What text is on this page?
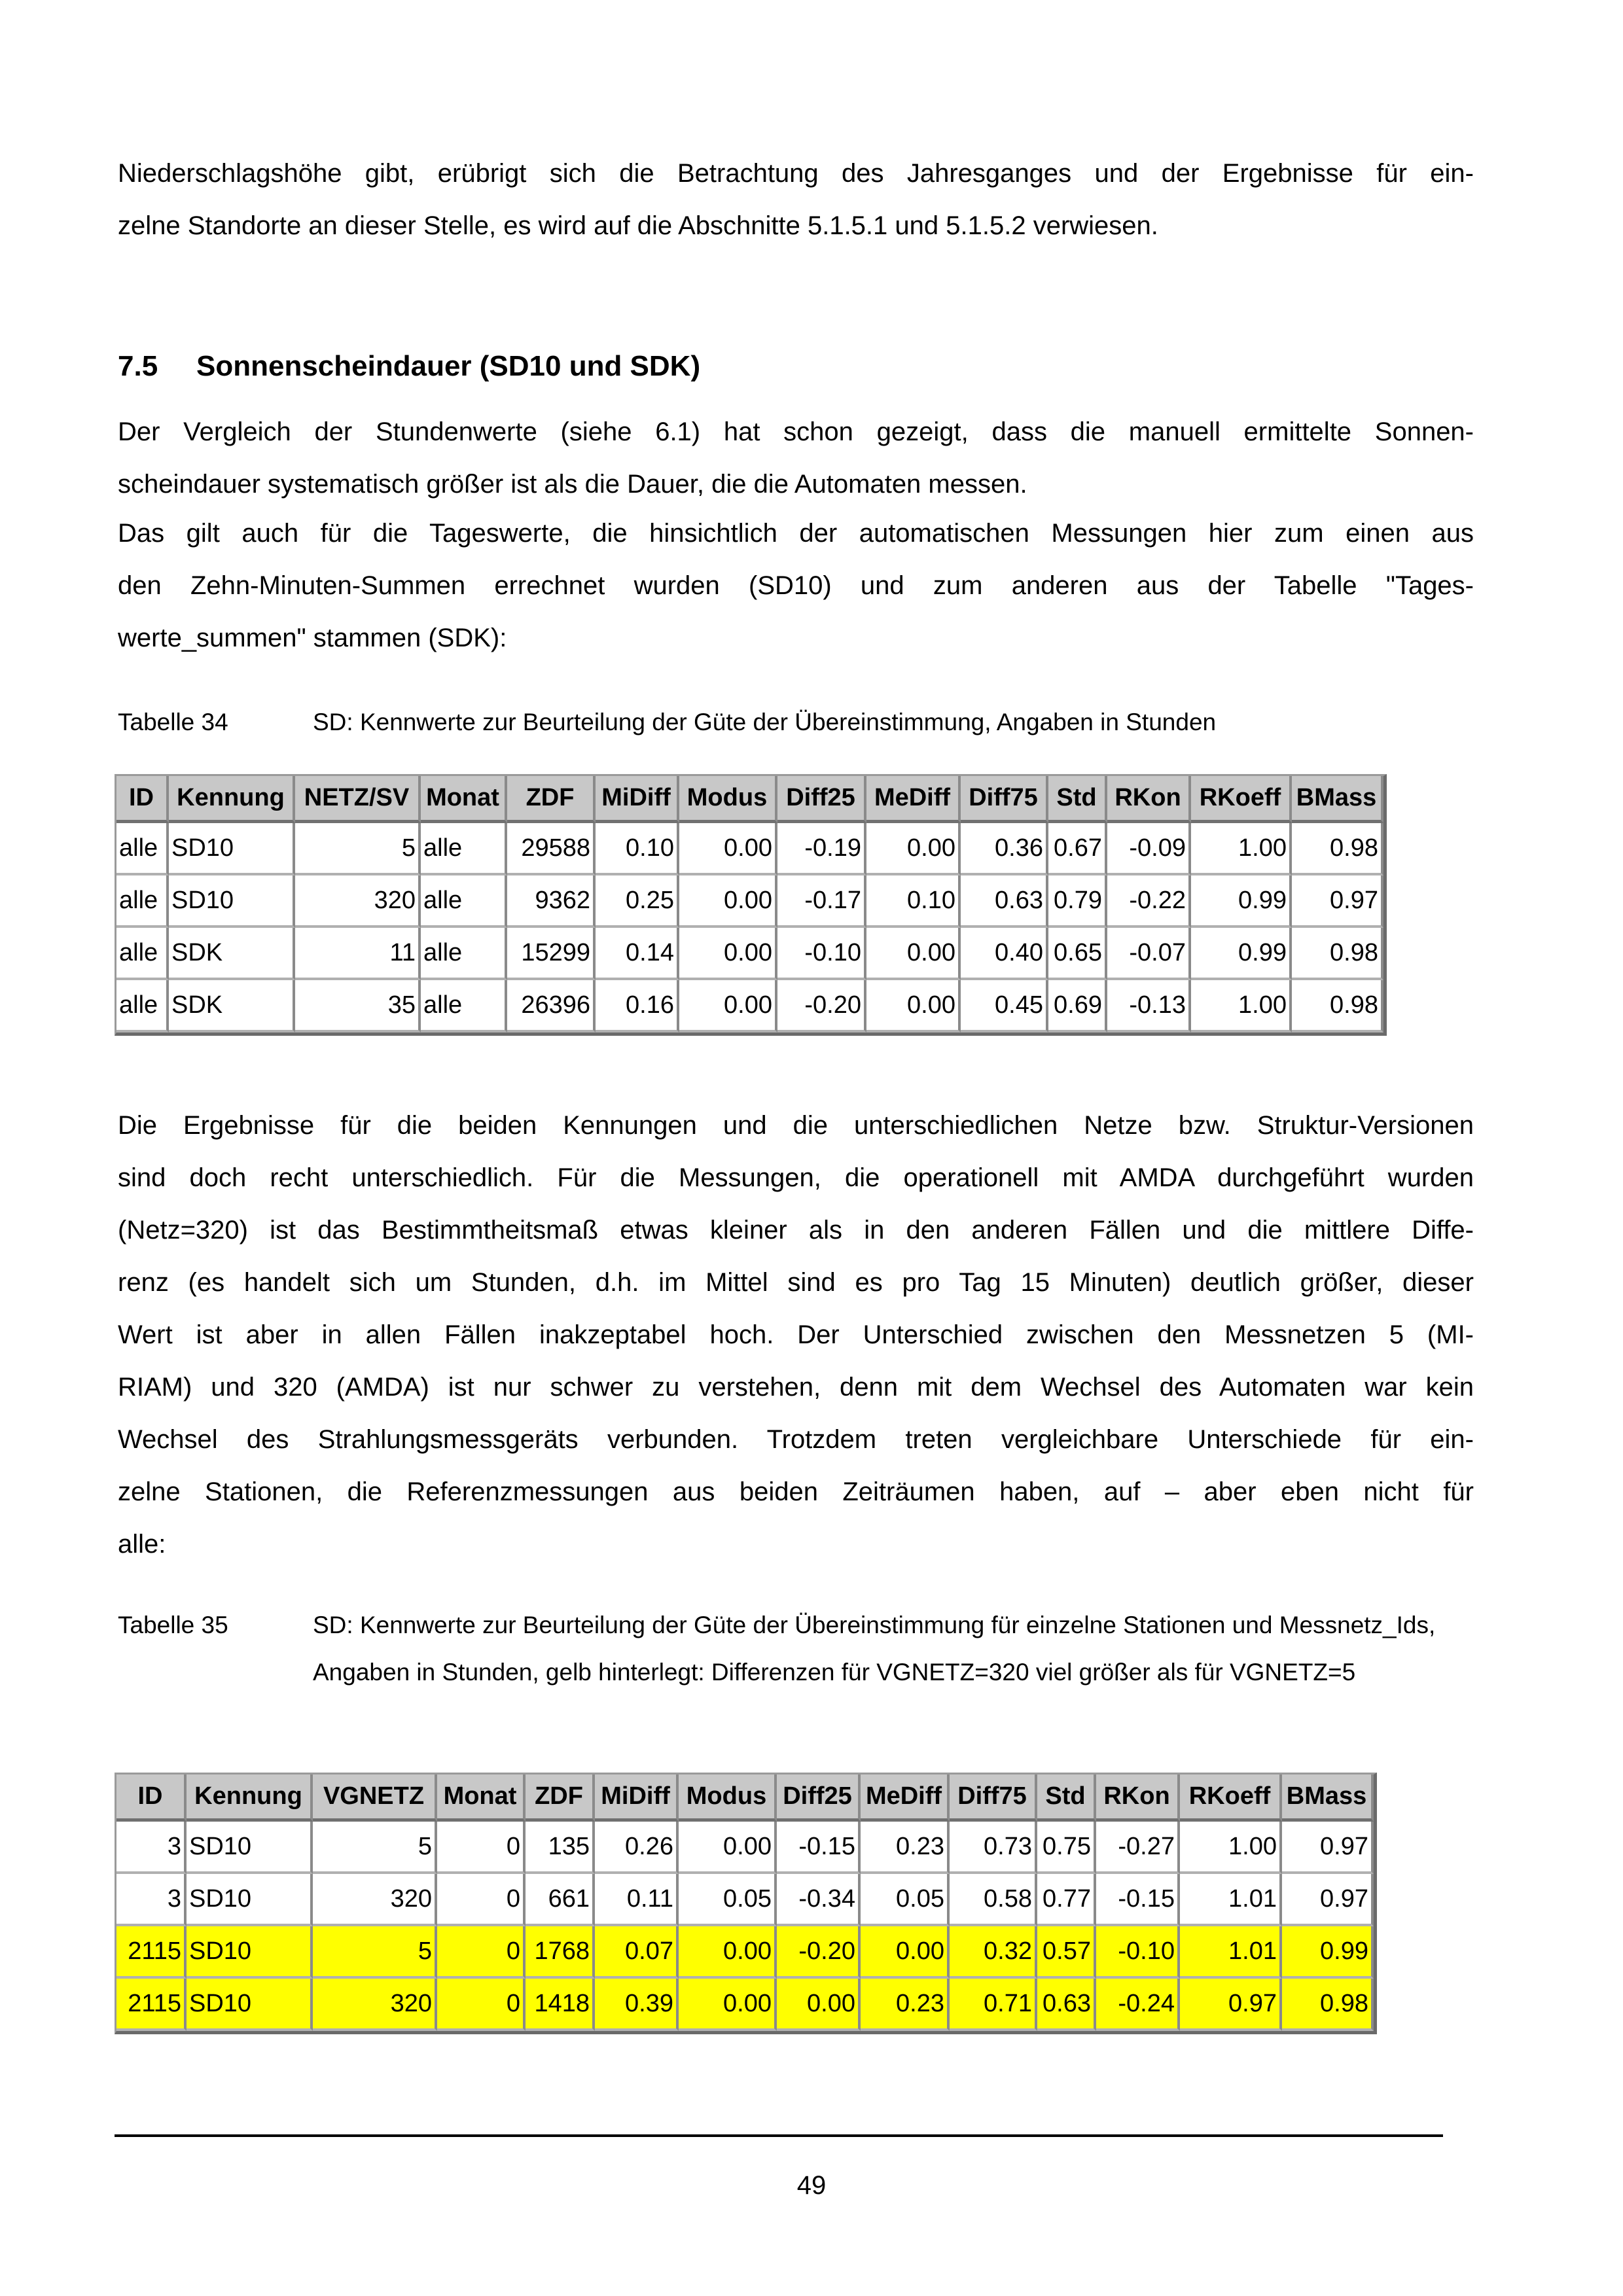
Niederschlagshöhe gibt, erübrigt sich die Betrachtung des Jahresganges und der Ergebnisse für ein-
zelne Standorte an dieser Stelle, es wird auf die Abschnitte 5.1.5.1 und 5.1.5.2 verwiesen.
7.5 Sonnenscheindauer (SD10 und SDK)
Der Vergleich der Stundenwerte (siehe 6.1) hat schon gezeigt, dass die manuell ermittelte Sonnen-
scheindauer systematisch größer ist als die Dauer, die die Automaten messen.
Das gilt auch für die Tageswerte, die hinsichtlich der automatischen Messungen hier zum einen aus
den Zehn-Minuten-Summen errechnet wurden (SD10) und zum anderen aus der Tabelle "Tages-
werte_summen" stammen (SDK):
Tabelle 34	SD: Kennwerte zur Beurteilung der Güte der Übereinstimmung, Angaben in Stunden
ID	Kennung	NETZ/SV	Monat	ZDF	MiDiff	Modus	Diff25	MeDiff	Diff75	Std	RKon	RKoeff	BMass
alle	SD10	5	alle	29588	0.10	0.00	-0.19	0.00	0.36	0.67	-0.09	1.00	0.98
alle	SD10	320	alle	9362	0.25	0.00	-0.17	0.10	0.63	0.79	-0.22	0.99	0.97
alle	SDK	11	alle	15299	0.14	0.00	-0.10	0.00	0.40	0.65	-0.07	0.99	0.98
alle	SDK	35	alle	26396	0.16	0.00	-0.20	0.00	0.45	0.69	-0.13	1.00	0.98
Die Ergebnisse für die beiden Kennungen und die unterschiedlichen Netze bzw. Struktur-Versionen
sind doch recht unterschiedlich. Für die Messungen, die operationell mit AMDA durchgeführt wurden
(Netz=320) ist das Bestimmtheitsmaß etwas kleiner als in den anderen Fällen und die mittlere Diffe-
renz (es handelt sich um Stunden, d.h. im Mittel sind es pro Tag 15 Minuten) deutlich größer, dieser
Wert ist aber in allen Fällen inakzeptabel hoch. Der Unterschied zwischen den Messnetzen 5 (MI-
RIAM) und 320 (AMDA) ist nur schwer zu verstehen, denn mit dem Wechsel des Automaten war kein
Wechsel des Strahlungsmessgeräts verbunden. Trotzdem treten vergleichbare Unterschiede für ein-
zelne Stationen, die Referenzmessungen aus beiden Zeiträumen haben, auf – aber eben nicht für
alle:
Tabelle 35	SD: Kennwerte zur Beurteilung der Güte der Übereinstimmung für einzelne Stationen und Messnetz_Ids, Angaben in Stunden, gelb hinterlegt: Differenzen für VGNETZ=320 viel größer als für VGNETZ=5
ID	Kennung	VGNETZ	Monat	ZDF	MiDiff	Modus	Diff25	MeDiff	Diff75	Std	RKon	RKoeff	BMass
3	SD10	5	0	135	0.26	0.00	-0.15	0.23	0.73	0.75	-0.27	1.00	0.97
3	SD10	320	0	661	0.11	0.05	-0.34	0.05	0.58	0.77	-0.15	1.01	0.97
2115	SD10	5	0	1768	0.07	0.00	-0.20	0.00	0.32	0.57	-0.10	1.01	0.99
2115	SD10	320	0	1418	0.39	0.00	0.00	0.23	0.71	0.63	-0.24	0.97	0.98
49
